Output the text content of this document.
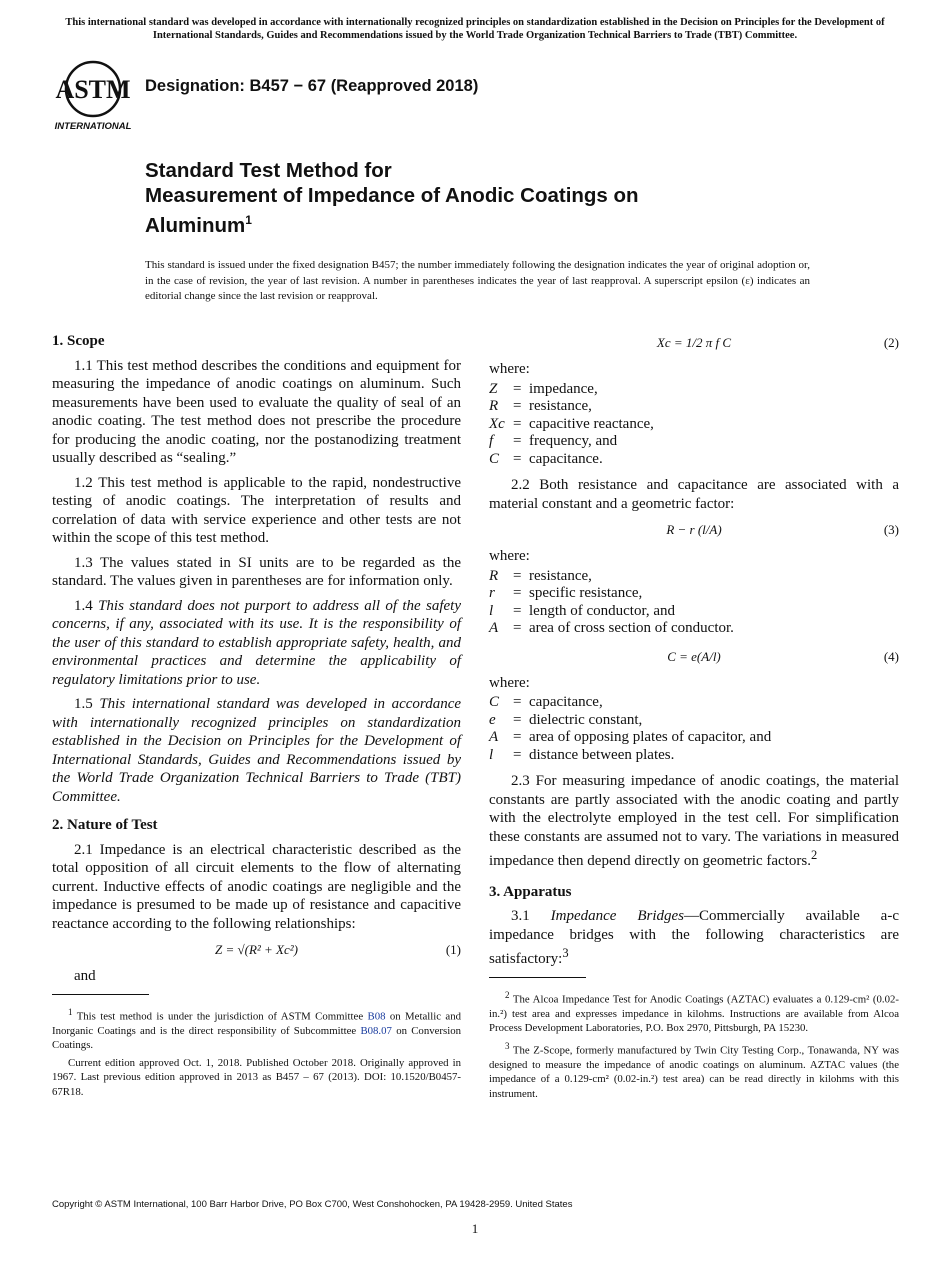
This international standard was developed in accordance with internationally recognized principles on standardization established in the Decision on Principles for the Development of International Standards, Guides and Recommendations issued by the World Trade Organization Technical Barriers to Trade (TBT) Committee.
ASTM
INTERNATIONAL
Designation: B457 − 67 (Reapproved 2018)
Standard Test Method for
Measurement of Impedance of Anodic Coatings on
Aluminum$^1$
This standard is issued under the fixed designation B457; the number immediately following the designation indicates the year of original adoption or, in the case of revision, the year of last revision. A number in parentheses indicates the year of last reapproval. A superscript epsilon (ε) indicates an editorial change since the last revision or reapproval.
1. Scope

1.1 This test method describes the conditions and equipment for measuring the impedance of anodic coatings on aluminum. Such measurements have been used to evaluate the quality of seal of an anodic coating. The test method does not prescribe the procedure for producing the anodic coating, nor the postanodizing treatment usually described as “sealing.”

1.2 This test method is applicable to the rapid, nondestructive testing of anodic coatings. The interpretation of results and correlation of data with service experience and other tests are not within the scope of this test method.

1.3 The values stated in SI units are to be regarded as the standard. The values given in parentheses are for information only.

1.4 This standard does not purport to address all of the safety concerns, if any, associated with its use. It is the responsibility of the user of this standard to establish appropriate safety, health, and environmental practices and determine the applicability of regulatory limitations prior to use.

1.5 This international standard was developed in accordance with internationally recognized principles on standardization established in the Decision on Principles for the Development of International Standards, Guides and Recommendations issued by the World Trade Organization Technical Barriers to Trade (TBT) Committee.

2. Nature of Test

2.1 Impedance is an electrical characteristic described as the total opposition of all circuit elements to the flow of alternating current. Inductive effects of anodic coatings are negligible and the impedance is presumed to be made up of resistance and capacitive reactance according to the following relationships:

Z = √(R² + Xc²)	(1)

and

$^1$ This test method is under the jurisdiction of ASTM Committee B08 on Metallic and Inorganic Coatings and is the direct responsibility of Subcommittee B08.07 on Conversion Coatings.

Current edition approved Oct. 1, 2018. Published October 2018. Originally approved in 1967. Last previous edition approved in 2013 as B457 – 67 (2013). DOI: 10.1520/B0457-67R18.

Xc = 1/2 π f C	(2)

where:

Z	= impedance,
R = resistance,
Xc = capacitive reactance,
f	= frequency, and
C = capacitance.

2.2 Both resistance and capacitance are associated with a material constant and a geometric factor:

R − r (l/A)	(3)

where:

R = resistance,
r	= specific resistance,
l	= length of conductor, and
A = area of cross section of conductor.
C = e(A/l)	(4)

where:

C = capacitance,
e	= dielectric constant,
A = area of opposing plates of capacitor, and
l	= distance between plates.

2.3 For measuring impedance of anodic coatings, the material constants are partly associated with the anodic coating and partly with the electrolyte employed in the test cell. For simplification these constants are assumed not to vary. The variations in measured impedance then depend directly on geometric factors.$^2$

3. Apparatus

3.1 Impedance Bridges—Commercially available a-c impedance bridges with the following characteristics are satisfactory:$^3$

$^2$ The Alcoa Impedance Test for Anodic Coatings (AZTAC) evaluates a 0.129-cm² (0.02-in.²) test area and expresses impedance in kilohms. Instructions are available from Alcoa Process Development Laboratories, P.O. Box 2970, Pittsburgh, PA 15230.

$^3$ The Z-Scope, formerly manufactured by Twin City Testing Corp., Tonawanda, NY was designed to measure the impedance of anodic coatings on aluminum. AZTAC values (the impedance of a 0.129-cm² (0.02-in.²) test area) can be read directly in kilohms with this instrument.

Copyright © ASTM International, 100 Barr Harbor Drive, PO Box C700, West Conshohocken, PA 19428-2959. United States
1
